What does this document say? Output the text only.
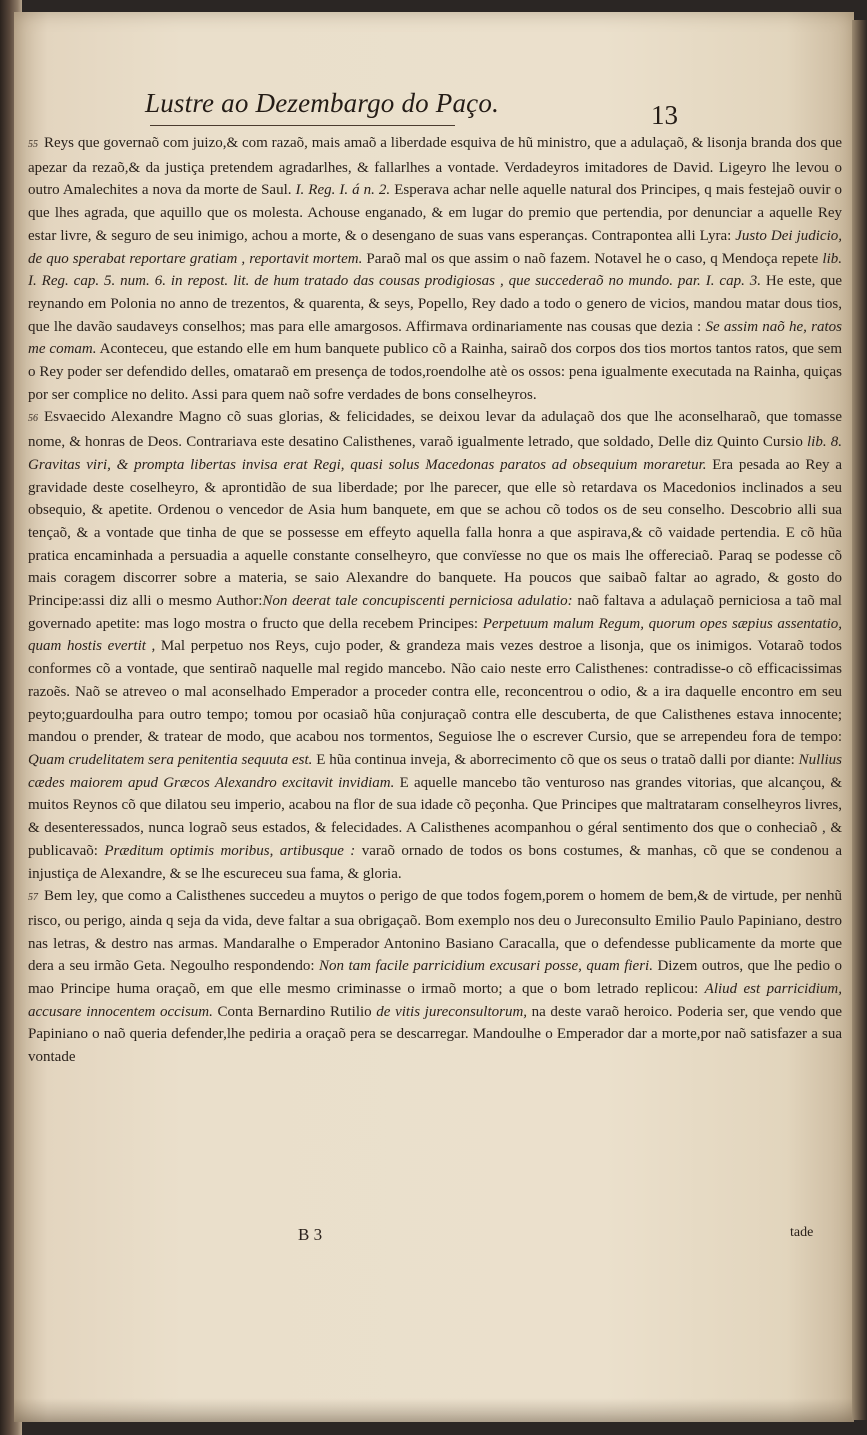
Lustre ao Dezembargo do Paço.	13

55 Reys que governaõ com juizo,& com razaõ, mais amaõ a liberdade esquiva de hũ ministro, que a adulaçaõ, & lisonja branda dos que apezar da rezaõ,& da justiça pretendem agradarlhes, & fallarlhes a vontade. Verdadeyros imitadores de David. Ligeyro lhe levou o outro Amalechites a nova da morte de Saul. I. Reg. I. á n. 2. Esperava achar nelle aquelle natural dos Principes, q mais festejaõ ouvir o que lhes agrada, que aquillo que os molesta. Achouse enganado, & em lugar do premio que pertendia, por denunciar a aquelle Rey estar livre, & seguro de seu inimigo, achou a morte, & o desengano de suas vans esperanças. Contrapontea alli Lyra: Justo Dei judicio, de quo sperabat reportare gratiam , reportavit mortem. Paraõ mal os que assim o naõ fazem. Notavel he o caso, q Mendoça repete lib. I. Reg. cap. 5. num. 6. in repost. lit. de hum tratado das cousas prodigiosas , que succederaõ no mundo. par. I. cap. 3. He este, que reynando em Polonia no anno de trezentos, & quarenta, & seys, Popello, Rey dado a todo o genero de vicios, mandou matar dous tios, que lhe davão saudaveys conselhos; mas para elle amargosos. Affirmava ordinariamente nas cousas que dezia : Se assim naõ he, ratos me comam. Aconteceu, que estando elle em hum banquete publico cõ a Rainha, sairaõ dos corpos dos tios mortos tantos ratos, que sem o Rey poder ser defendido delles, omataraõ em presença de todos,roendolhe atè os ossos: pena igualmente executada na Rainha, quiças por ser complice no delito. Assi para quem naõ sofre verdades de bons conselheyros.

56 Esvaecido Alexandre Magno cõ suas glorias, & felicidades, se deixou levar da adulaçaõ dos que lhe aconselharaõ, que tomasse nome, & honras de Deos. Contrariava este desatino Calisthenes, varaõ igualmente letrado, que soldado, Delle diz Quinto Cursio lib. 8. Gravitas viri, & prompta libertas invisa erat Regi, quasi solus Macedonas paratos ad obsequium moraretur. Era pesada ao Rey a gravidade deste coselheyro, & aprontidão de sua liberdade; por lhe parecer, que elle sò retardava os Macedonios inclinados a seu obsequio, & apetite. Ordenou o vencedor de Asia hum banquete, em que se achou cõ todos os de seu conselho. Descobrio alli sua tençaõ, & a vontade que tinha de que se possesse em effeyto aquella falla honra a que aspirava,& cõ vaidade pertendia. E cõ hũa pratica encaminhada a persuadia a aquelle constante conselheyro, que convïesse no que os mais lhe offereciaõ. Paraq se podesse cõ mais coragem discorrer sobre a materia, se saio Alexandre do banquete. Ha poucos que saibaõ faltar ao agrado, & gosto do Principe:assi diz alli o mesmo Author:Non deerat tale concupiscenti perniciosa adulatio: naõ faltava a adulaçaõ perniciosa a taõ mal governado apetite: mas logo mostra o fructo que della recebem Principes: Perpetuum malum Regum, quorum opes sæpius assentatio, quam hostis evertit , Mal perpetuo nos Reys, cujo poder, & grandeza mais vezes destroe a lisonja, que os inimigos. Votaraõ todos conformes cõ a vontade, que sentiraõ naquelle mal regido mancebo. Não caio neste erro Calisthenes: contradisse-o cõ efficacissimas razoẽs. Naõ se atreveo o mal aconselhado Emperador a proceder contra elle, reconcentrou o odio, & a ira daquelle encontro em seu peyto;guardoulha para outro tempo; tomou por ocasiaõ hũa conjuraçaõ contra elle descuberta, de que Calisthenes estava innocente; mandou o prender, & tratear de modo, que acabou nos tormentos, Seguiose lhe o escrever Cursio, que se arrependeu fora de tempo: Quam crudelitatem sera penitentia sequuta est. E hũa continua inveja, & aborrecimento cõ que os seus o trataõ dalli por diante: Nullius cædes maiorem apud Græcos Alexandro excitavit invidiam. E aquelle mancebo tão venturoso nas grandes vitorias, que alcançou, & muitos Reynos cõ que dilatou seu imperio, acabou na flor de sua idade cõ peçonha. Que Principes que maltrataram conselheyros livres, & desenteressados, nunca lograõ seus estados, & felecidades. A Calisthenes acompanhou o géral sentimento dos que o conheciaõ , & publicavaõ: Præditum optimis moribus, artibusque : varaõ ornado de todos os bons costumes, & manhas, cõ que se condenou a injustiça de Alexandre, & se lhe escureceu sua fama, & gloria.

57 Bem ley, que como a Calisthenes succedeu a muytos o perigo de que todos fogem,porem o homem de bem,& de virtude, per nenhũ risco, ou perigo, ainda q seja da vida, deve faltar a sua obrigaçaõ. Bom exemplo nos deu o Jureconsulto Emilio Paulo Papiniano, destro nas letras, & destro nas armas. Mandaralhe o Emperador Antonino Basiano Caracalla, que o defendesse publicamente da morte que dera a seu irmão Geta. Negoulho respondendo: Non tam facile parricidium excusari posse, quam fieri. Dizem outros, que lhe pedio o mao Principe huma oraçaõ, em que elle mesmo criminasse o irmaõ morto; a que o bom letrado replicou: Aliud est parricidium, accusare innocentem occisum. Conta Bernardino Rutilio de vitis jureconsultorum, na deste varaõ heroico. Poderia ser, que vendo que Papiniano o naõ queria defender,lhe pediria a oraçaõ pera se descarregar. Mandoulhe o Emperador dar a morte,por naõ satisfazer a sua vontade

B 3	tade
